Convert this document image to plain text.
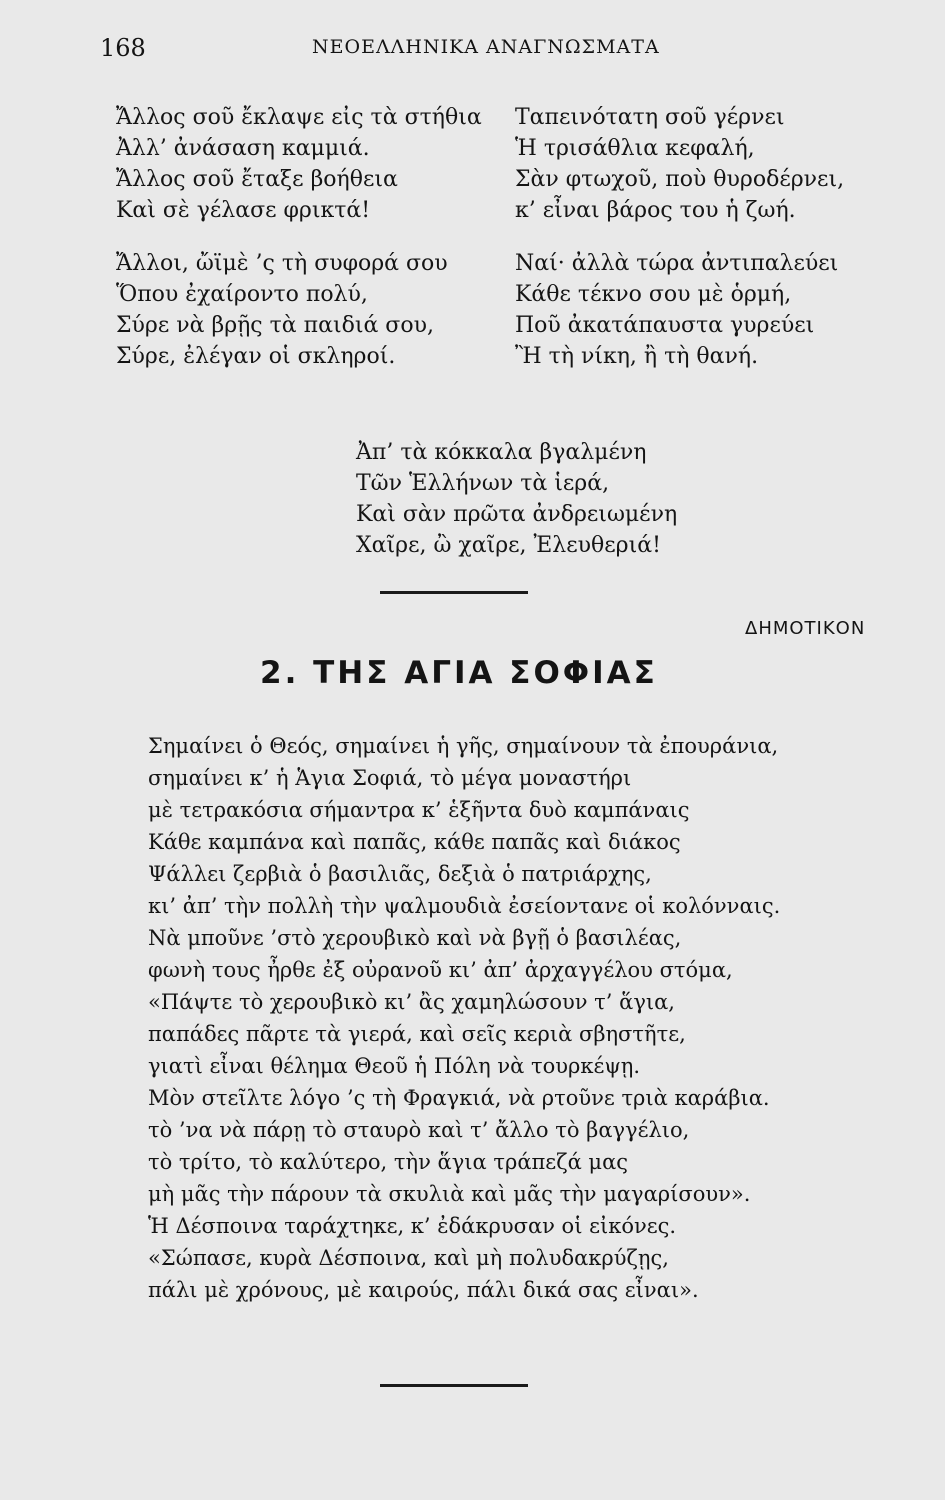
168	ΝΕΟΕΛΛΗΝΙΚΑ ΑΝΑΓΝΩΣΜΑΤΑ

Ἄλλος σοῦ ἔκλαψε εἰς τὰ στήθια

Ἀλλ’ ἀνάσαση καμμιά.

Ἄλλος σοῦ ἔταξε βοήθεια

Καὶ σὲ γέλασε φρικτά!

Ἄλλοι, ὤϊμὲ ’ς τὴ συφορά σου

Ὅπου ἐχαίροντο πολύ,

Σύρε νὰ βρῇς τὰ παιδιά σου,

Σύρε, ἐλέγαν οἱ σκληροί.

Ταπεινότατη σοῦ γέρνει

Ἡ τρισάθλια κεφαλή,

Σὰν φτωχοῦ, ποὺ θυροδέρνει,

κ’ εἶναι βάρος του ἡ ζωή.

Ναί· ἀλλὰ τώρα ἀντιπαλεύει

Κάθε τέκνο σου μὲ ὁρμή,

Ποῦ ἀκατάπαυστα γυρεύει

Ἢ τὴ νίκη, ἢ τὴ θανή.

Ἀπ’ τὰ κόκκαλα βγαλμένη

Τῶν Ἑλλήνων τὰ ἱερά,

Καὶ σὰν πρῶτα ἀνδρειωμένη

Χαῖρε, ὢ χαῖρε, Ἐλευθεριά!

ΔΗΜΟΤΙΚΟΝ
2. ΤΗΣ ΑΓΙΑ ΣΟΦΙΑΣ

Σημαίνει ὁ Θεός, σημαίνει ἡ γῆς, σημαίνουν τὰ ἐπουράνια,

σημαίνει κ’ ἡ Ἁγια Σοφιά, τὸ μέγα μοναστήρι

μὲ τετρακόσια σήμαντρα κ’ ἑξῆντα δυὸ καμπάναις

Κάθε καμπάνα καὶ παπᾶς, κάθε παπᾶς καὶ διάκος

Ψάλλει ζερβιὰ ὁ βασιλιᾶς, δεξιὰ ὁ πατριάρχης,

κι’ ἀπ’ τὴν πολλὴ τὴν ψαλμουδιὰ ἐσείοντανε οἱ κολόνναις.

Νὰ μποῦνε ’στὸ χερουβικὸ καὶ νὰ βγῇ ὁ βασιλέας,

φωνὴ τους ἦρθε ἐξ οὐρανοῦ κι’ ἀπ’ ἀρχαγγέλου στόμα,

«Πάψτε τὸ χερουβικὸ κι’ ἂς χαμηλώσουν τ’ ἅγια,

παπάδες πᾶρτε τὰ γιερά, καὶ σεῖς κεριὰ σβηστῆτε,

γιατὶ εἶναι θέλημα Θεοῦ ἡ Πόλη νὰ τουρκέψῃ.

Μὸν στεῖλτε λόγο ’ς τὴ Φραγκιά, νὰ ρτοῦνε τριὰ καράβια.

τὸ ’να νὰ πάρῃ τὸ σταυρὸ καὶ τ’ ἄλλο τὸ βαγγέλιο,

τὸ τρίτο, τὸ καλύτερο, τὴν ἅγια τράπεζά μας

μὴ μᾶς τὴν πάρουν τὰ σκυλιὰ καὶ μᾶς τὴν μαγαρίσουν».

Ἡ Δέσποινα ταράχτηκε, κ’ ἐδάκρυσαν οἱ εἰκόνες.

«Σώπασε, κυρὰ Δέσποινα, καὶ μὴ πολυδακρύζῃς,

πάλι μὲ χρόνους, μὲ καιρούς, πάλι δικά σας εἶναι».
